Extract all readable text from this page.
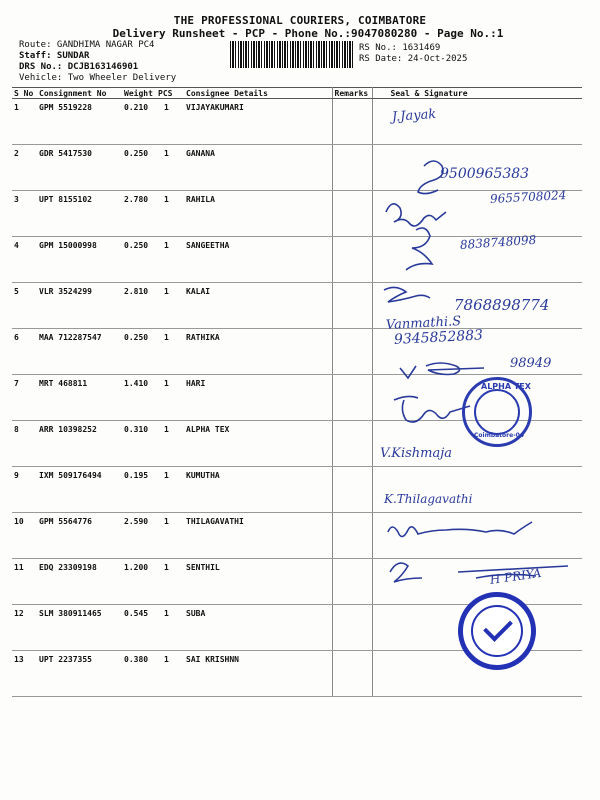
THE PROFESSIONAL COURIERS, COIMBATORE
Delivery Runsheet - PCP - Phone No.:9047080280 - Page No.:1
Route: GANDHIMA NAGAR PC4
Staff: SUNDAR
DRS No.: DCJB163146901
Vehicle: Two Wheeler Delivery
RS No.: 1631469
RS Date: 24-Oct-2025
S No	Consignment No	Weight	PCS	Consignee Details	Remarks	Seal & Signature
1	GPM 5519228	0.210	1	VIJAYAKUMARI		
2	GDR 5417530	0.250	1	GANANA		
3	UPT 8155102	2.780	1	RAHILA		
4	GPM 15000998	0.250	1	SANGEETHA		
5	VLR 3524299	2.810	1	KALAI		
6	MAA 712287547	0.250	1	RATHIKA		
7	MRT 468811	1.410	1	HARI		
8	ARR 10398252	0.310	1	ALPHA TEX		
9	IXM 509176494	0.195	1	KUMUTHA		
10	GPM 5564776	2.590	1	THILAGAVATHI		
11	EDQ 23309198	1.200	1	SENTHIL		
12	SLM 380911465	0.545	1	SUBA		
13	UPT 2237355	0.380	1	SAI KRISHNN		
J.Jayak
9500965383
9655708024
8838748098
7868898774
Vanmathi.S
9345852883
98949
V.Kishmaja
K.Thilagavathi
H PRIYA
ALPHA TEX
Coimbatore-04
